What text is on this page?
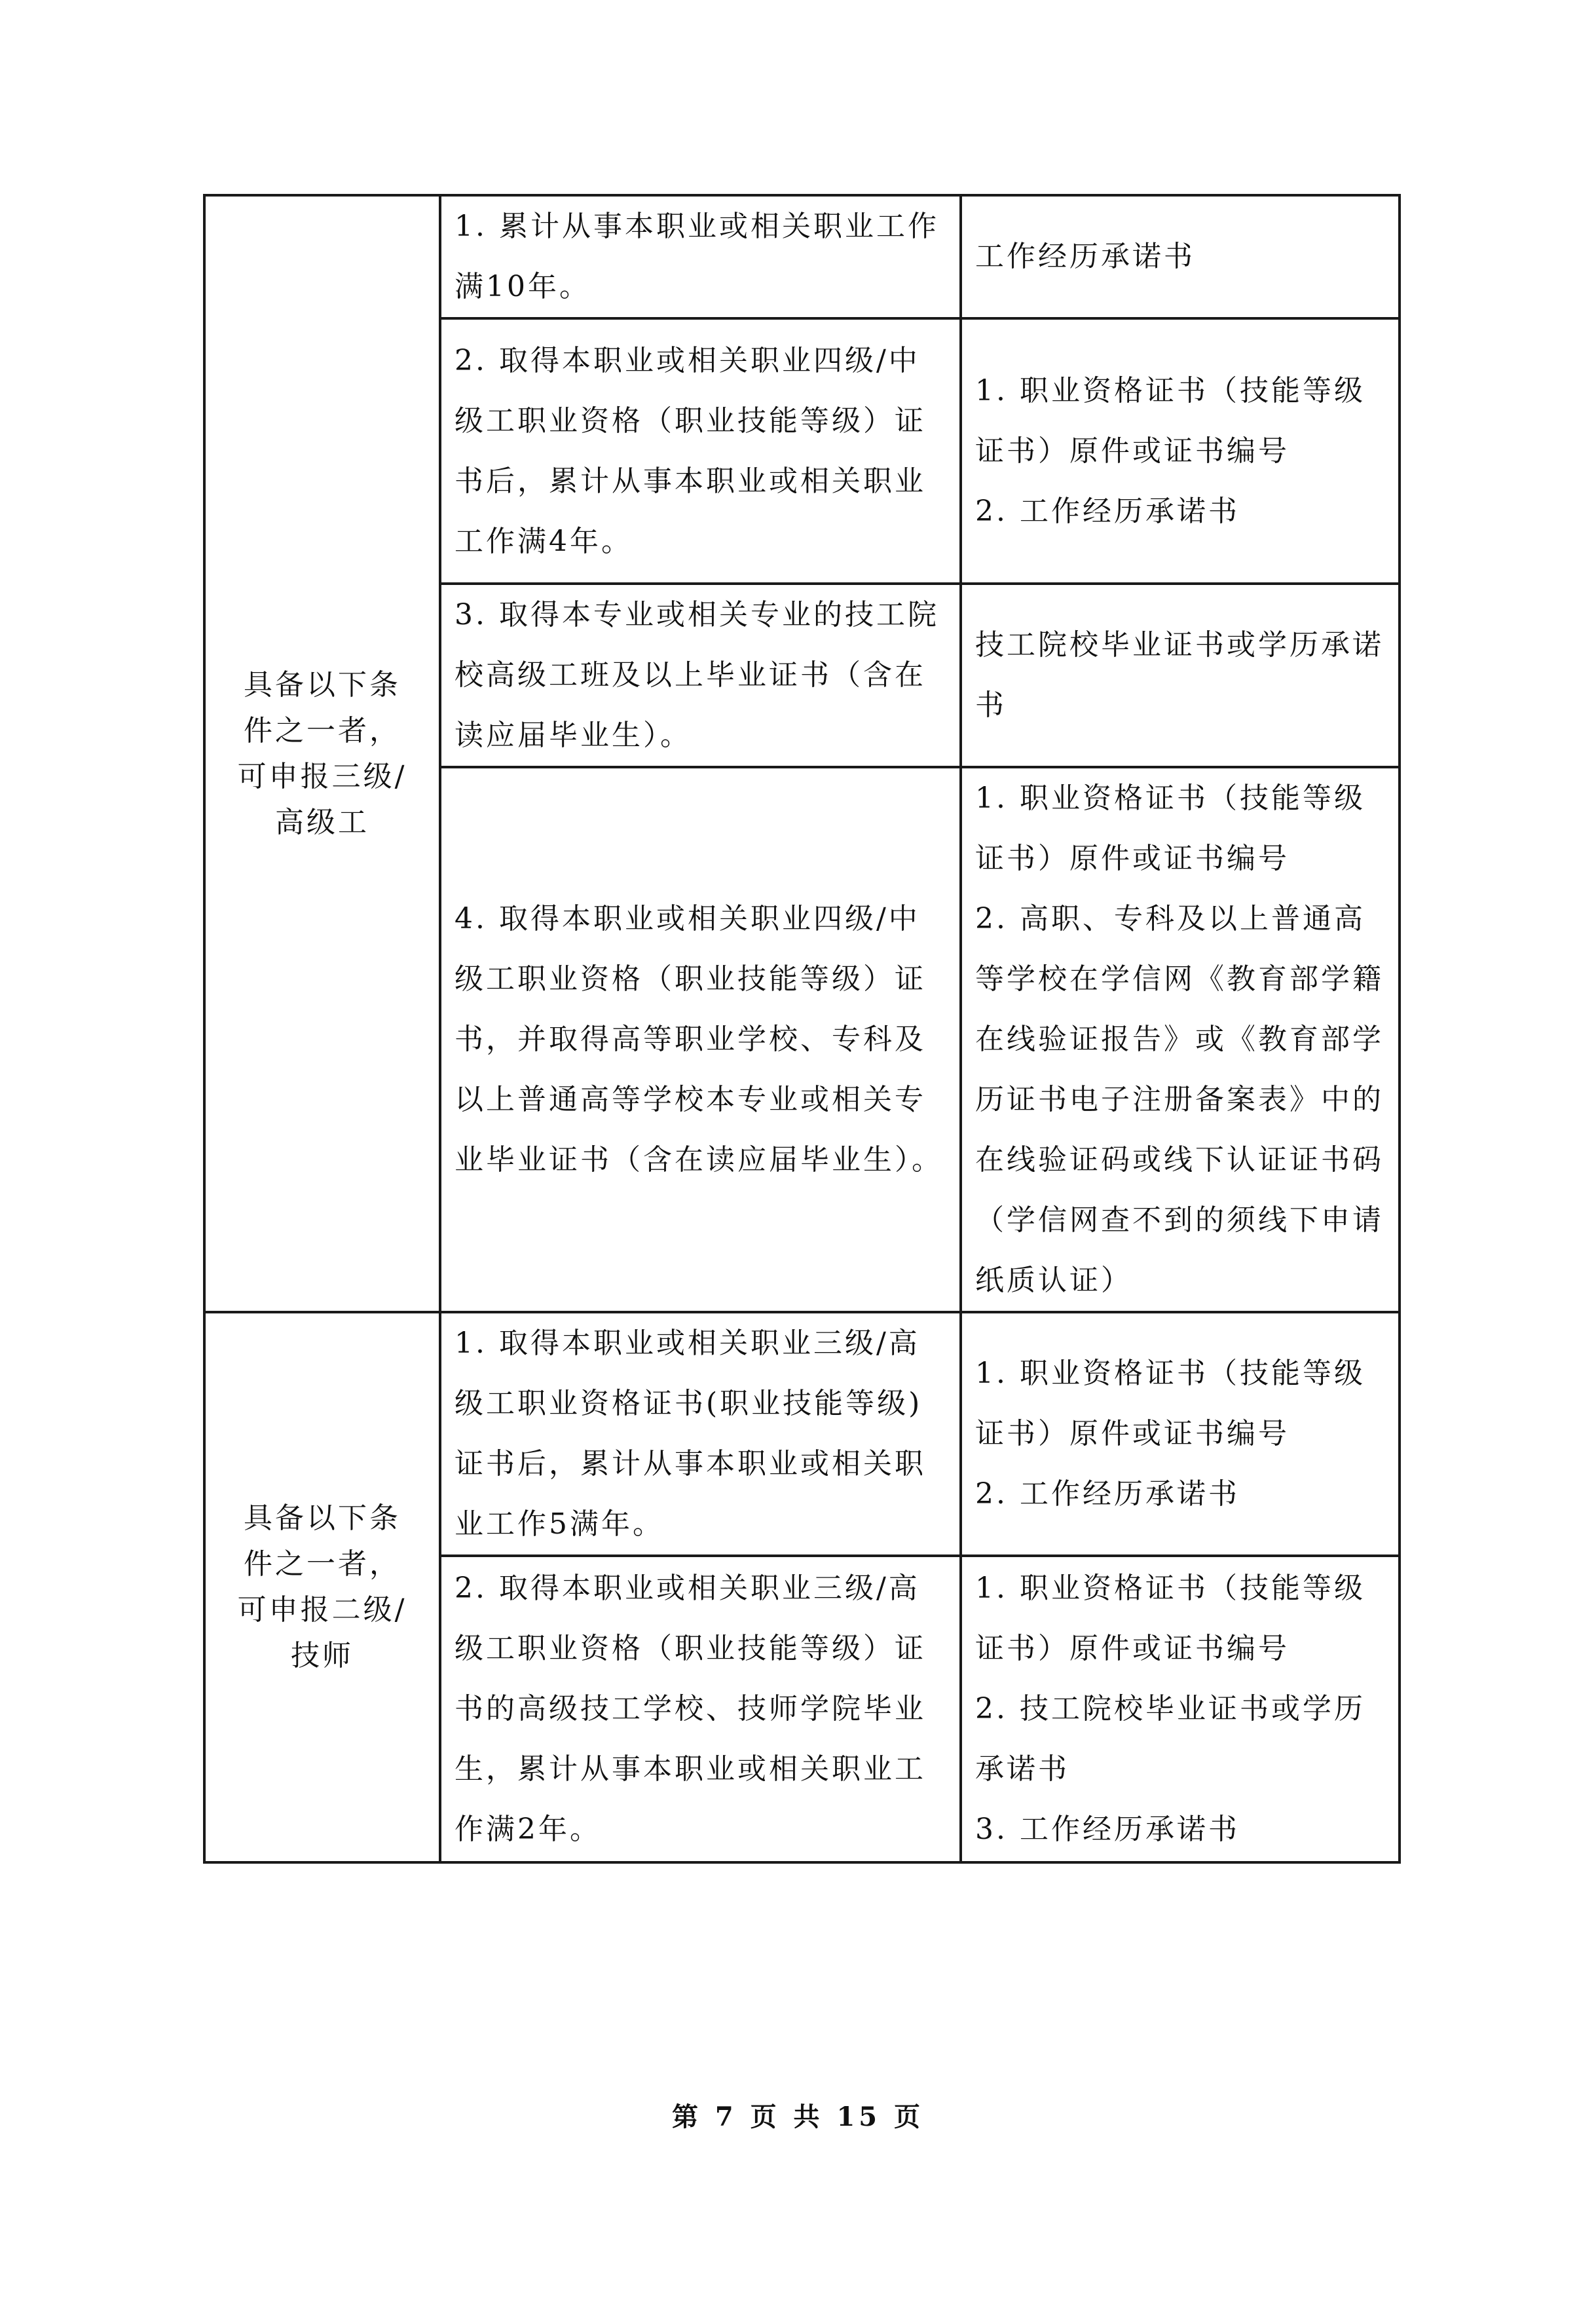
具备以下条件之一者，可申报三级/高级工	1. 累计从事本职业或相关职业工作满10年。	工作经历承诺书
	2. 取得本职业或相关职业四级/中级工职业资格（职业技能等级）证书后，累计从事本职业或相关职业工作满4年。	1. 职业资格证书（技能等级证书）原件或证书编号
2. 工作经历承诺书

	3. 取得本专业或相关专业的技工院校高级工班及以上毕业证书（含在读应届毕业生）。	技工院校毕业证书或学历承诺书
	4. 取得本职业或相关职业四级/中级工职业资格（职业技能等级）证书，并取得高等职业学校、专科及以上普通高等学校本专业或相关专业毕业证书（含在读应届毕业生）。	1. 职业资格证书（技能等级证书）原件或证书编号
2. 高职、专科及以上普通高等学校在学信网《教育部学籍在线验证报告》或《教育部学历证书电子注册备案表》中的在线验证码或线下认证证书码（学信网查不到的须线下申请纸质认证）

具备以下条件之一者，可申报二级/技师	1. 取得本职业或相关职业三级/高级工职业资格证书(职业技能等级)证书后，累计从事本职业或相关职业工作5满年。	1. 职业资格证书（技能等级证书）原件或证书编号
2. 工作经历承诺书

	2. 取得本职业或相关职业三级/高级工职业资格（职业技能等级）证书的高级技工学校、技师学院毕业生，累计从事本职业或相关职业工作满2年。	1. 职业资格证书（技能等级证书）原件或证书编号
2. 技工院校毕业证书或学历承诺书
3. 工作经历承诺书
第 7 页 共 15 页
